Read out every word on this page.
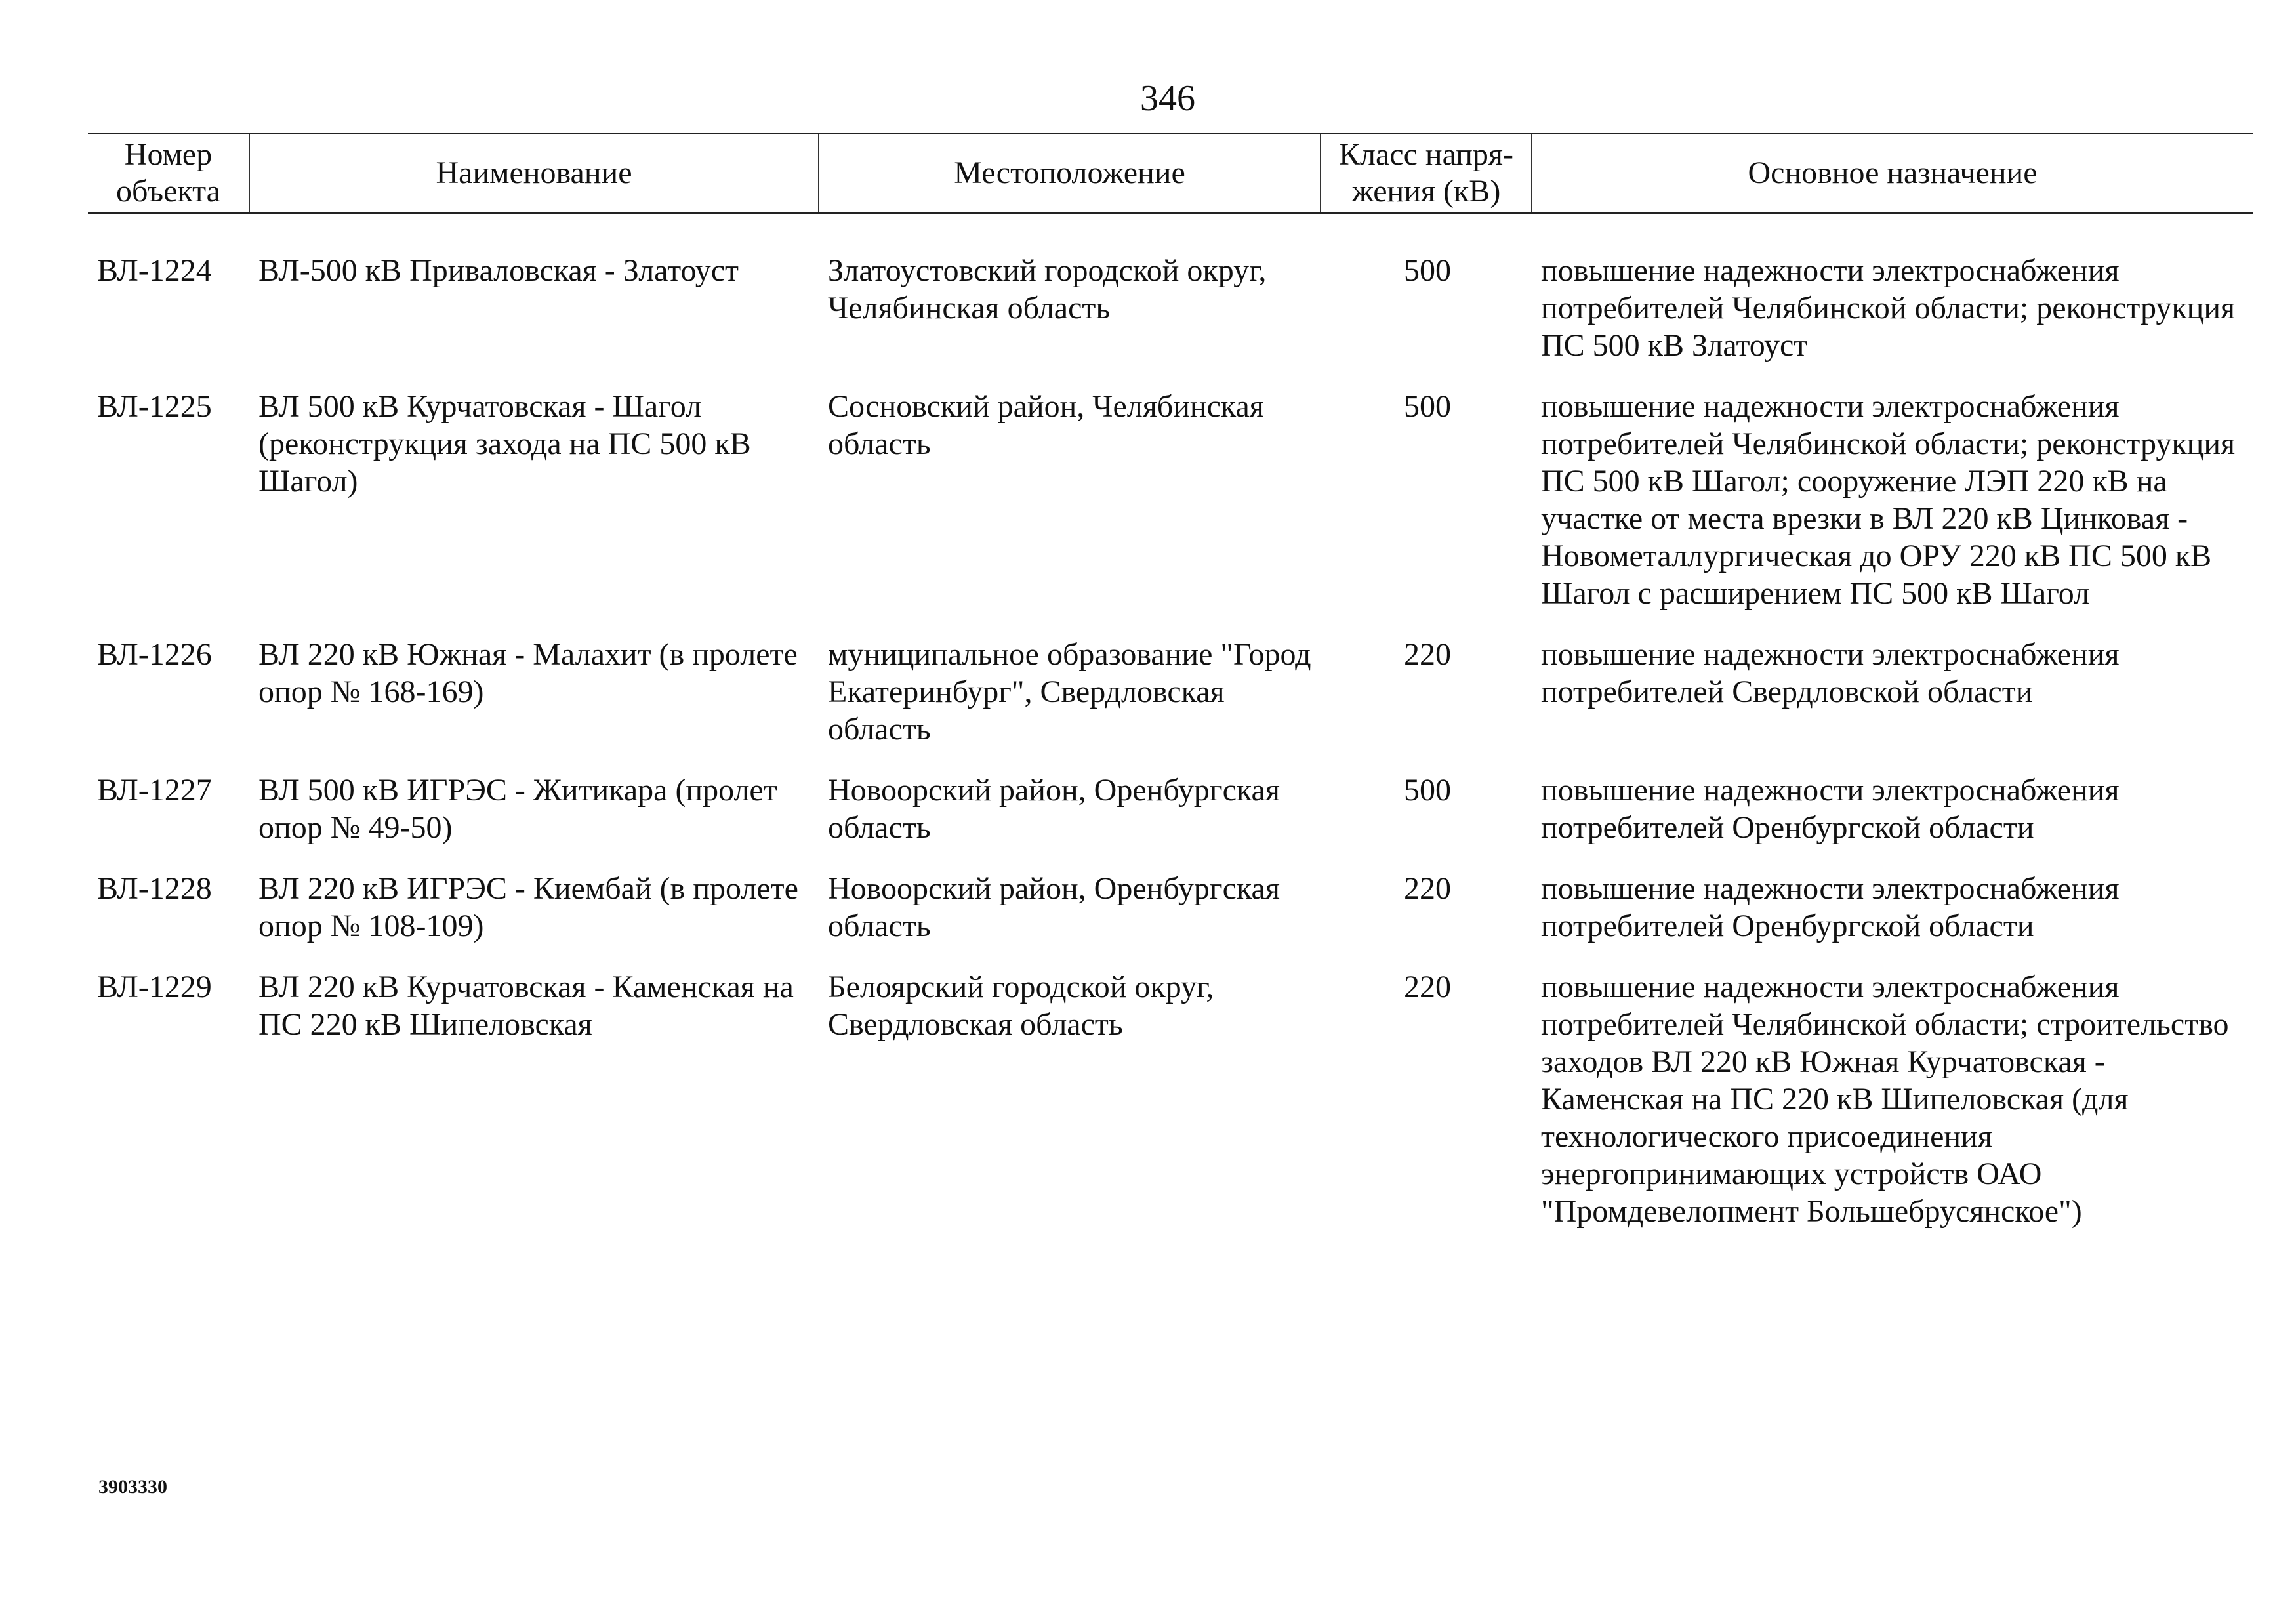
346
Номер объекта	Наименование	Местоположение	Класс напря-жения (кВ)	Основное назначение
ВЛ-1224	ВЛ-500 кВ Приваловская - Златоуст	Златоустовский городской округ, Челябинская область	500	повышение надежности электроснабжения потребителей Челябинской области; реконструкция ПС 500 кВ Златоуст
ВЛ-1225	ВЛ 500 кВ Курчатовская - Шагол (реконструкция захода на ПС 500 кВ Шагол)	Сосновский район, Челябинская область	500	повышение надежности электроснабжения потребителей Челябинской области; реконструкция ПС 500 кВ Шагол; сооружение ЛЭП 220 кВ на участке от места врезки в ВЛ 220 кВ Цинковая - Новометаллургическая до ОРУ 220 кВ ПС 500 кВ Шагол с расширением ПС 500 кВ Шагол
ВЛ-1226	ВЛ 220 кВ Южная - Малахит (в пролете опор № 168-169)	муниципальное образование "Город Екатеринбург", Свердловская область	220	повышение надежности электроснабжения потребителей Свердловской области
ВЛ-1227	ВЛ 500 кВ ИГРЭС - Житикара (пролет опор № 49-50)	Новоорский район, Оренбургская область	500	повышение надежности электроснабжения потребителей Оренбургской области
ВЛ-1228	ВЛ 220 кВ ИГРЭС - Киембай (в пролете опор № 108-109)	Новоорский район, Оренбургская область	220	повышение надежности электроснабжения потребителей Оренбургской области
ВЛ-1229	ВЛ 220 кВ Курчатовская - Каменская на ПС 220 кВ Шипеловская	Белоярский городской округ, Свердловская область	220	повышение надежности электроснабжения потребителей Челябинской области; строительство заходов ВЛ 220 кВ Южная Курчатовская - Каменская на ПС 220 кВ Шипеловская (для технологического присоединения энергопринимающих устройств ОАО "Промдевелопмент Большебрусянское")
3903330
